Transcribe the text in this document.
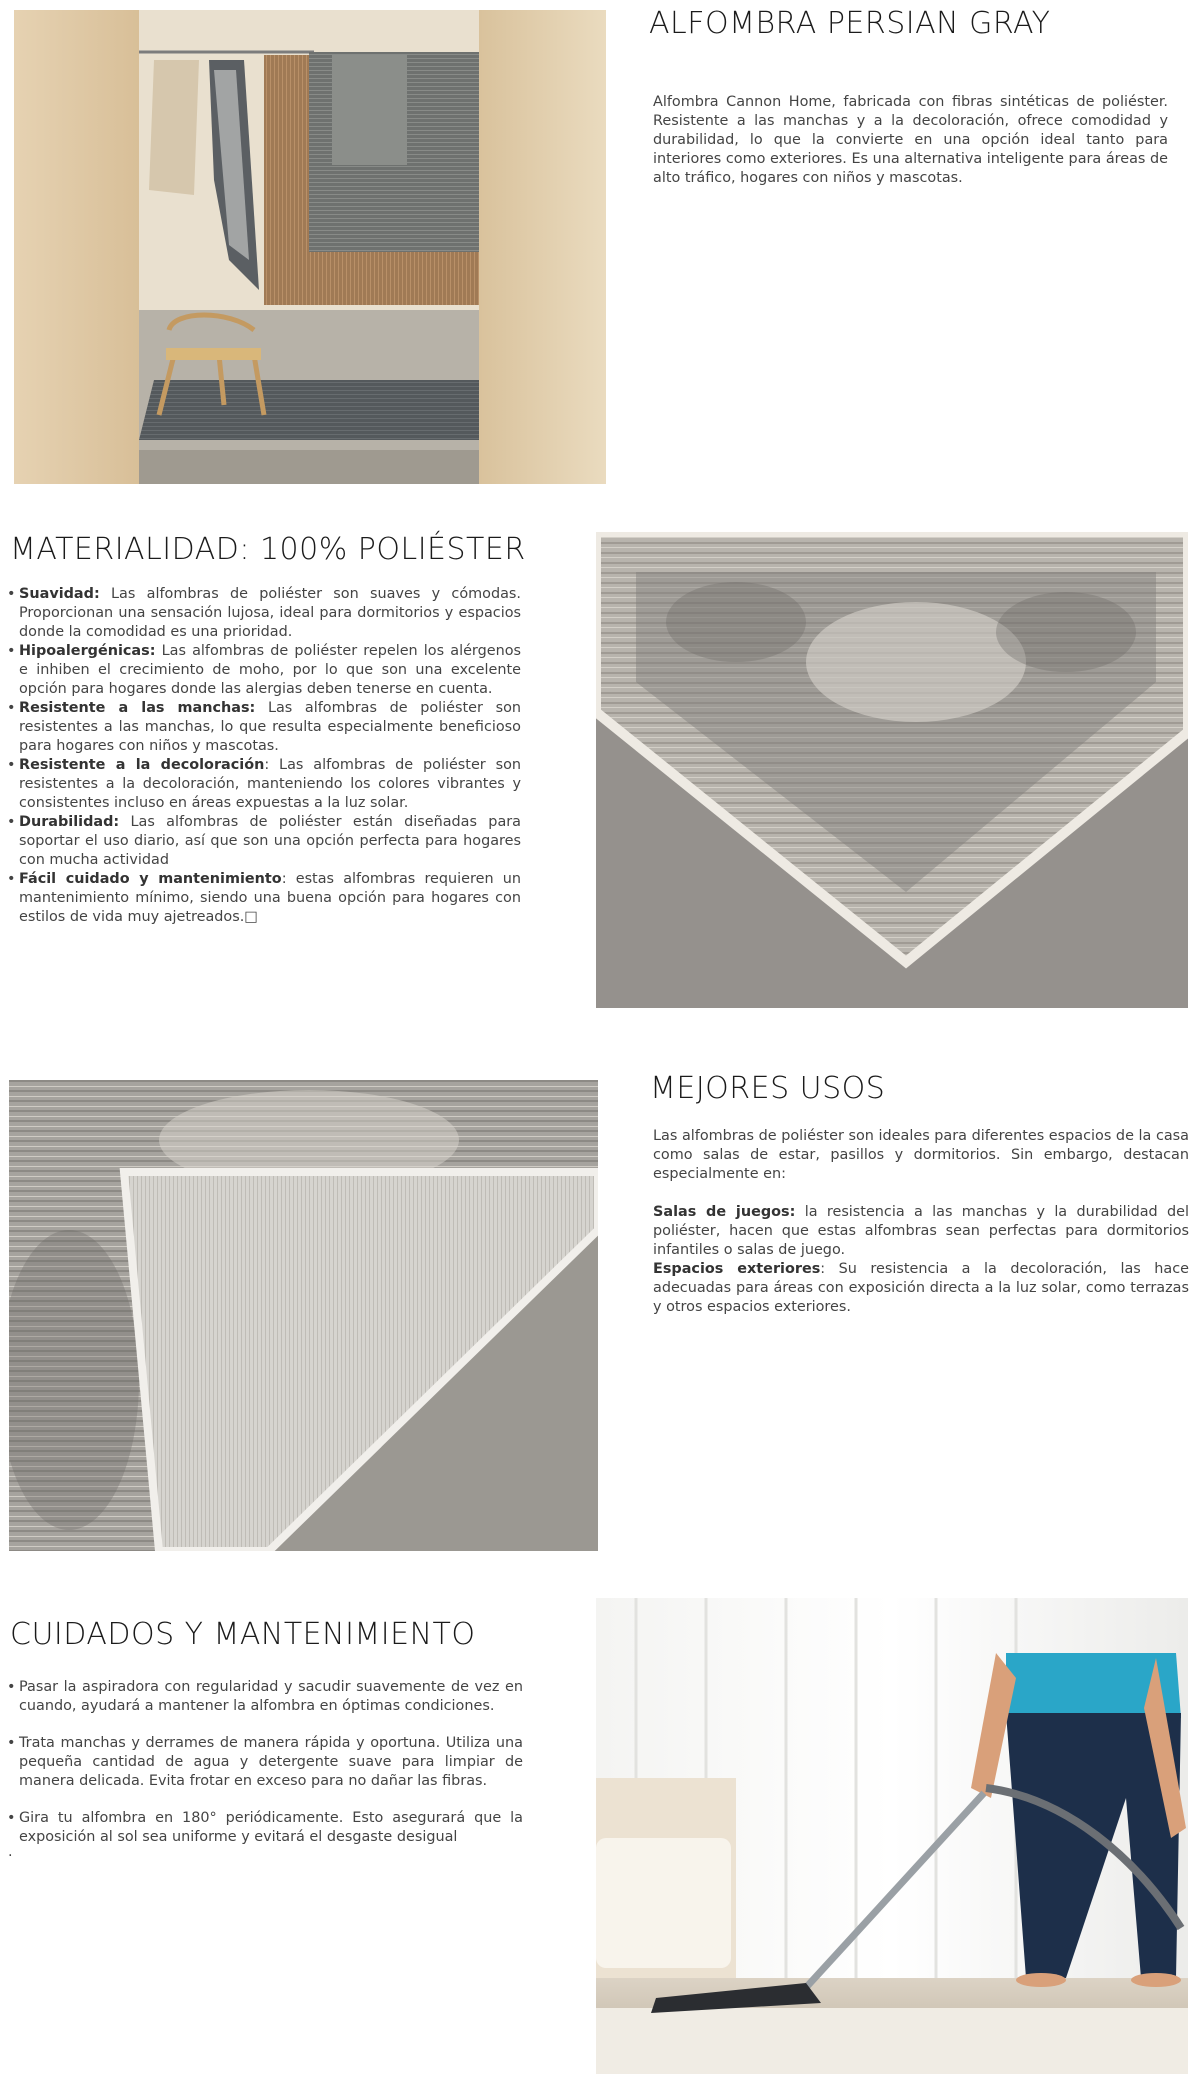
ALFOMBRA PERSIAN GRAY
Alfombra Cannon Home, fabricada con fibras sintéticas de poliéster. Resistente a las manchas y a la decoloración, ofrece comodidad y durabilidad, lo que la convierte en una opción ideal tanto para interiores como exteriores. Es una alternativa inteligente para áreas de alto tráfico, hogares con niños y mascotas.
MATERIALIDAD: 100% POLIÉSTER
• Suavidad: Las alfombras de poliéster son suaves y cómodas. Proporcionan una sensación lujosa, ideal para dormitorios y espacios donde la comodidad es una prioridad.
• Hipoalergénicas: Las alfombras de poliéster repelen los alérgenos e inhiben el crecimiento de moho, por lo que son una excelente opción para hogares donde las alergias deben tenerse en cuenta.
• Resistente a las manchas: Las alfombras de poliéster son resistentes a las manchas, lo que resulta especialmente beneficioso para hogares con niños y mascotas.
• Resistente a la decoloración: Las alfombras de poliéster son resistentes a la decoloración, manteniendo los colores vibrantes y consistentes incluso en áreas expuestas a la luz solar.
• Durabilidad: Las alfombras de poliéster están diseñadas para soportar el uso diario, así que son una opción perfecta para hogares con mucha actividad
• Fácil cuidado y mantenimiento: estas alfombras requieren un mantenimiento mínimo, siendo una buena opción para hogares con estilos de vida muy ajetreados.□
MEJORES USOS
Las alfombras de poliéster son ideales para diferentes espacios de la casa como salas de estar, pasillos y dormitorios. Sin embargo, destacan especialmente en:
Salas de juegos: la resistencia a las manchas y la durabilidad del poliéster, hacen que estas alfombras sean perfectas para dormitorios infantiles o salas de juego.
Espacios exteriores: Su resistencia a la decoloración, las hace adecuadas para áreas con exposición directa a la luz solar, como terrazas y otros espacios exteriores.
CUIDADOS Y MANTENIMIENTO
• Pasar la aspiradora con regularidad y sacudir suavemente de vez en cuando, ayudará a mantener la alfombra en óptimas condiciones.
• Trata manchas y derrames de manera rápida y oportuna. Utiliza una pequeña cantidad de agua y detergente suave para limpiar de manera delicada. Evita frotar en exceso para no dañar las fibras.
• Gira tu alfombra en 180° periódicamente. Esto asegurará que la exposición al sol sea uniforme y evitará el desgaste desigual
.
